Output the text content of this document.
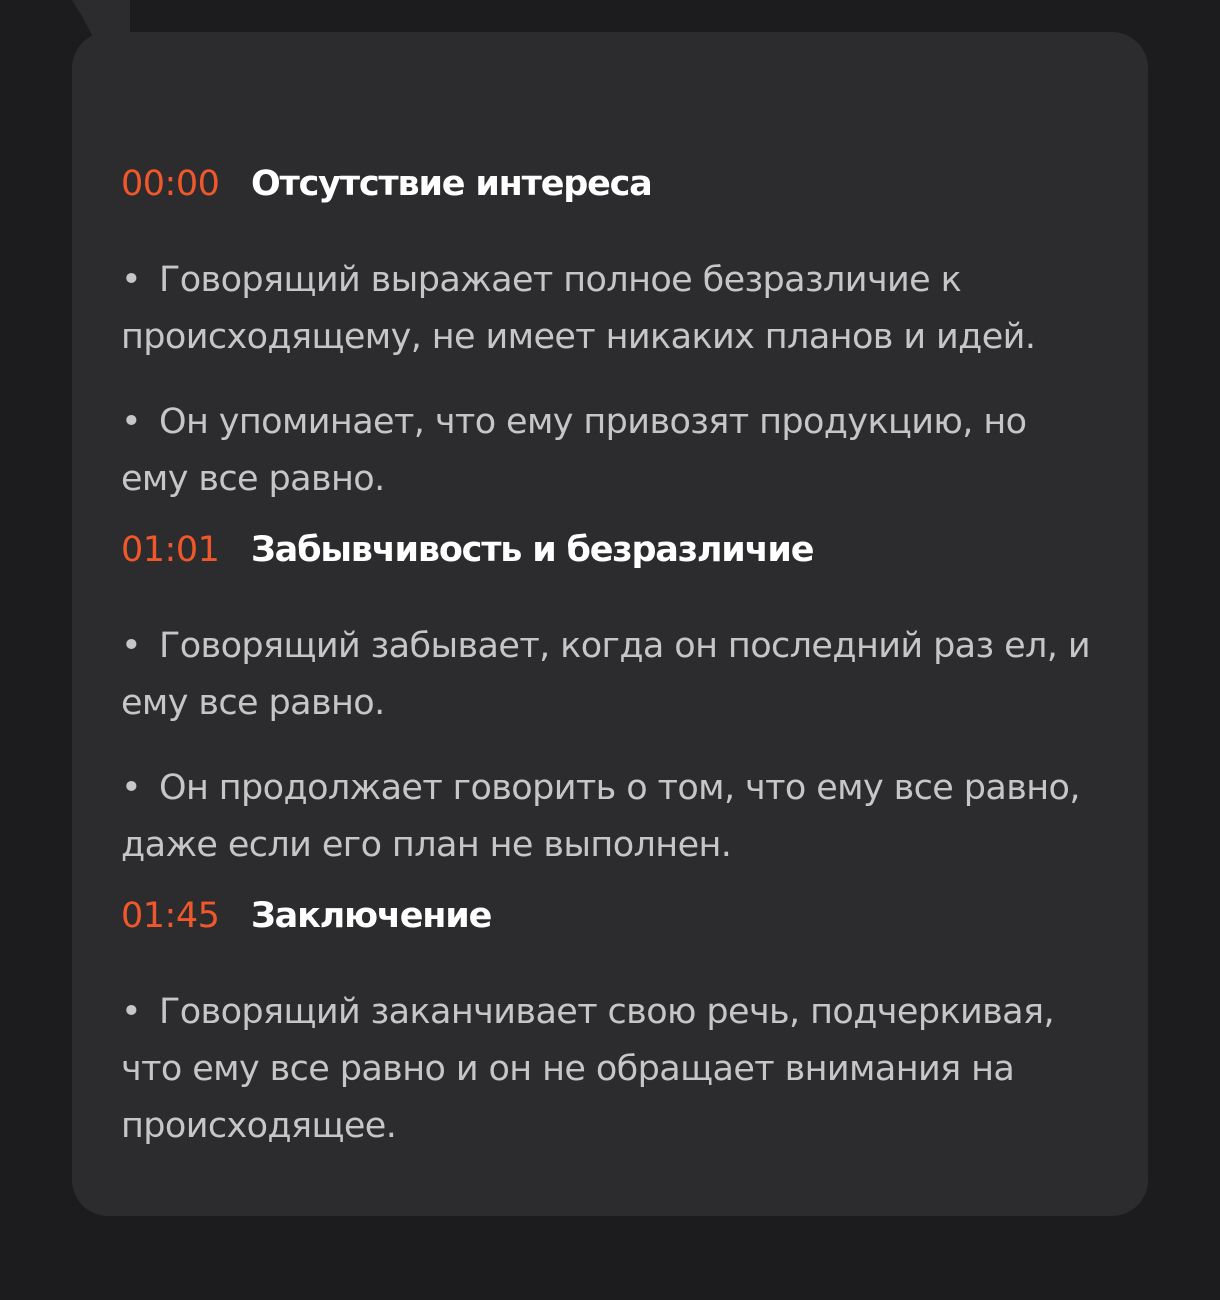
00:00 Отсутствие интереса

• Говорящий выражает полное безразличие к происходящему, не имеет никаких планов и идей.

• Он упоминает, что ему привозят продукцию, но ему все равно.

01:01 Забывчивость и безразличие

• Говорящий забывает, когда он последний раз ел, и ему все равно.

• Он продолжает говорить о том, что ему все равно, даже если его план не выполнен.

01:45 Заключение

• Говорящий заканчивает свою речь, подчеркивая, что ему все равно и он не обращает внимания на происходящее.
